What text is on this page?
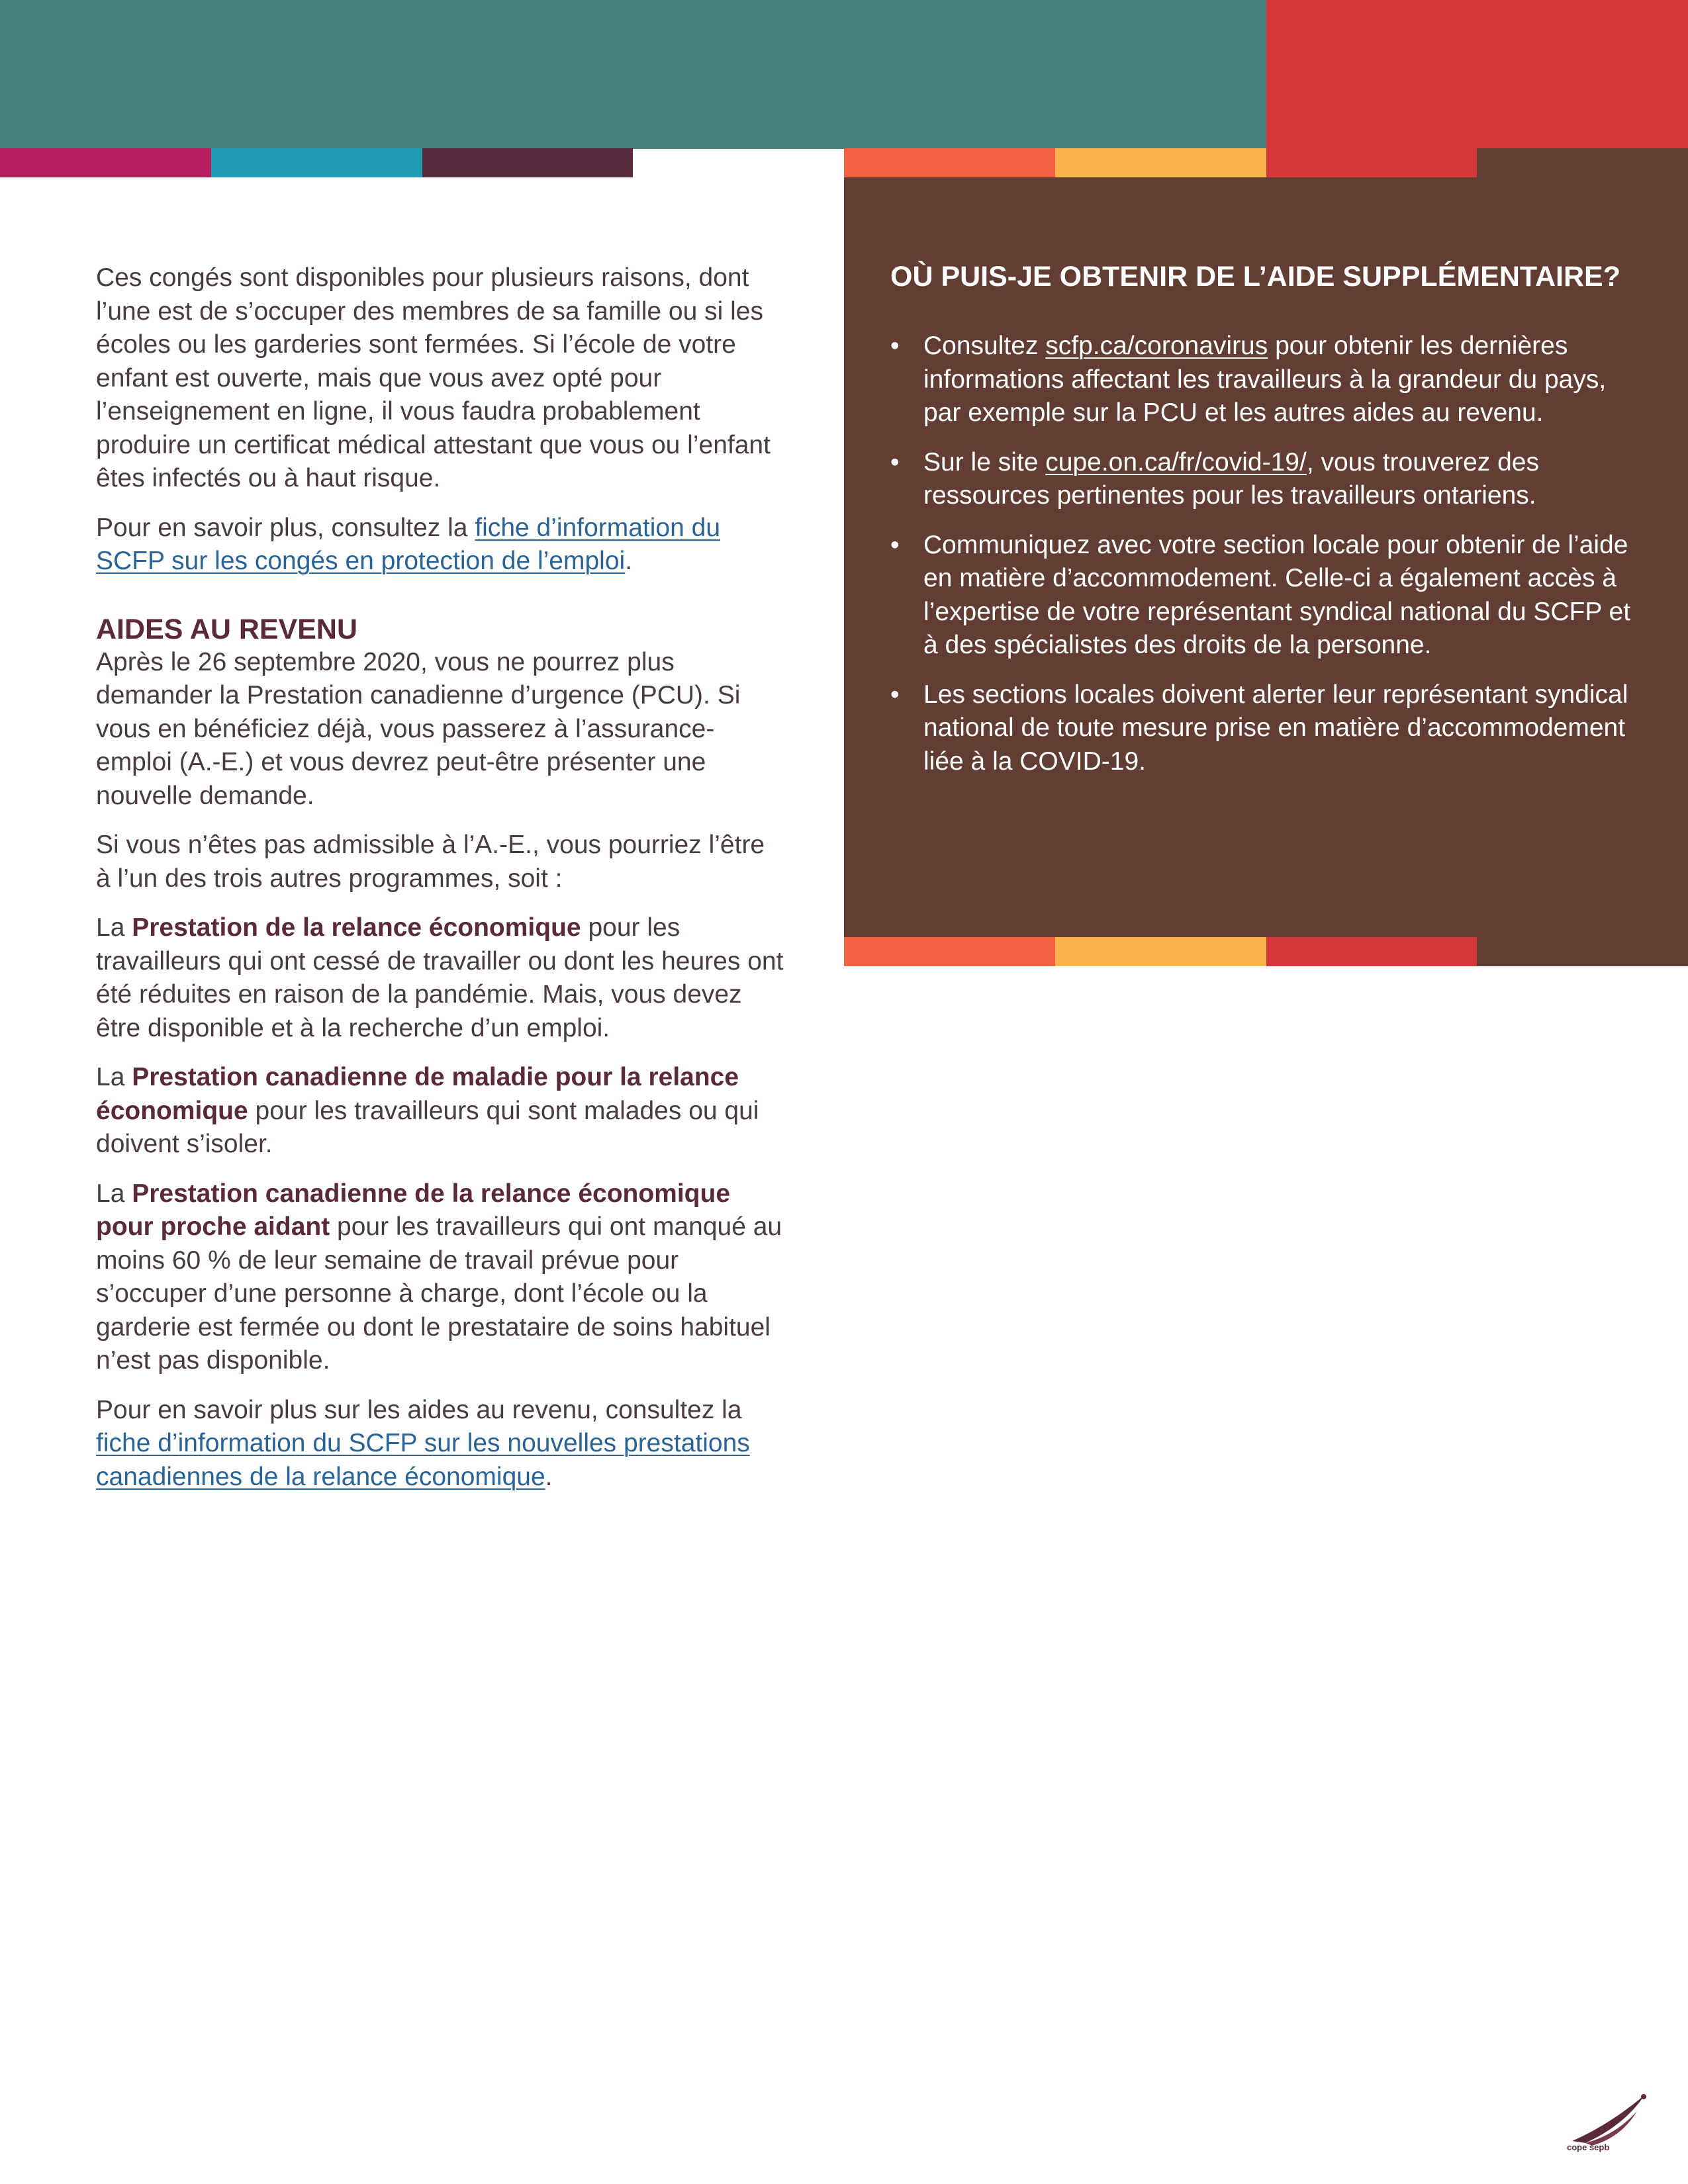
Ces congés sont disponibles pour plusieurs raisons, dont l’une est de s’occuper des membres de sa famille ou si les écoles ou les garderies sont fermées. Si l’école de votre enfant est ouverte, mais que vous avez opté pour l’enseignement en ligne, il vous faudra probablement produire un certificat médical attestant que vous ou l’enfant êtes infectés ou à haut risque.

Pour en savoir plus, consultez la fiche d’information du SCFP sur les congés en protection de l’emploi.

AIDES AU REVENU

Après le 26 septembre 2020, vous ne pourrez plus demander la Prestation canadienne d’urgence (PCU). Si vous en bénéficiez déjà, vous passerez à l’assurance-emploi (A.-E.) et vous devrez peut-être présenter une nouvelle demande.

Si vous n’êtes pas admissible à l’A.-E., vous pourriez l’être à l’un des trois autres programmes, soit :

La Prestation de la relance économique pour les travailleurs qui ont cessé de travailler ou dont les heures ont été réduites en raison de la pandémie. Mais, vous devez être disponible et à la recherche d’un emploi.

La Prestation canadienne de maladie pour la relance économique pour les travailleurs qui sont malades ou qui doivent s’isoler.

La Prestation canadienne de la relance économique pour proche aidant pour les travailleurs qui ont manqué au moins 60 % de leur semaine de travail prévue pour s’occuper d’une personne à charge, dont l’école ou la garderie est fermée ou dont le prestataire de soins habituel n’est pas disponible.

Pour en savoir plus sur les aides au revenu, consultez la fiche d’information du SCFP sur les nouvelles prestations canadiennes de la relance économique.

OÙ PUIS-JE OBTENIR DE L’AIDE SUPPLÉMENTAIRE?
• Consultez scfp.ca/coronavirus pour obtenir les dernières informations affectant les travailleurs à la grandeur du pays, par exemple sur la PCU et les autres aides au revenu.
• Sur le site cupe.on.ca/fr/covid-19/, vous trouverez des ressources pertinentes pour les travailleurs ontariens.
• Communiquez avec votre section locale pour obtenir de l’aide en matière d’accommodement. Celle-ci a également accès à l’expertise de votre représentant syndical national du SCFP et à des spécialistes des droits de la personne.
• Les sections locales doivent alerter leur représentant syndical national de toute mesure prise en matière d’accommodement liée à la COVID-19.
cope sepb
